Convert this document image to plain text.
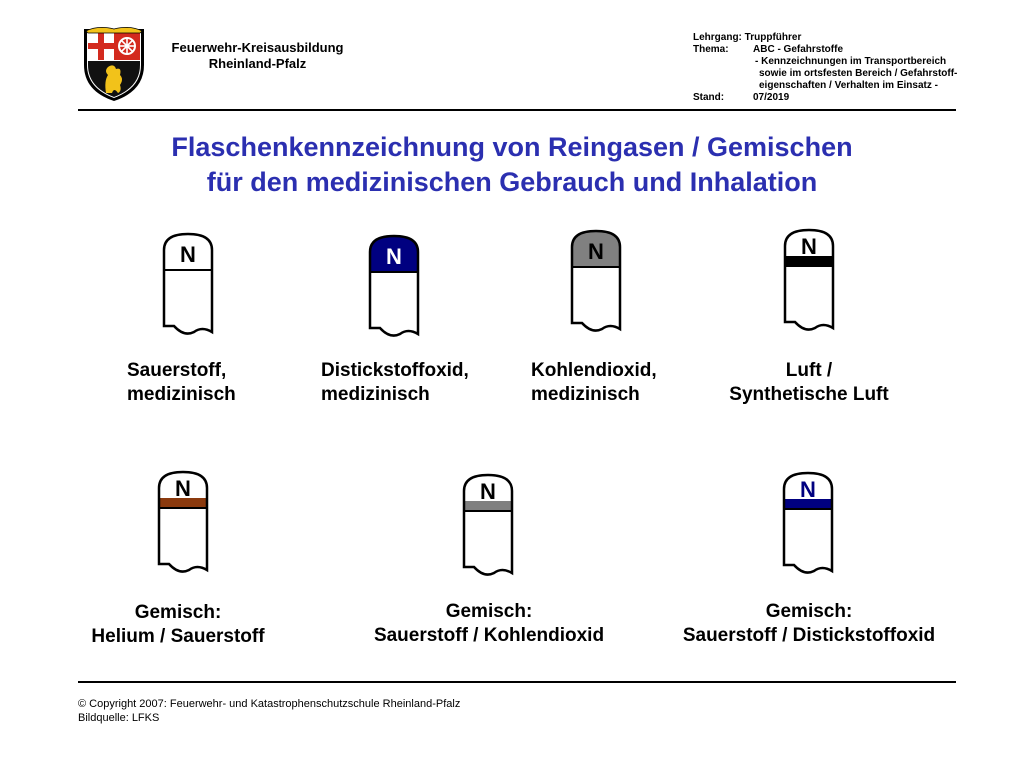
Feuerwehr-Kreisausbildung
Rheinland-Pfalz
Lehrgang:
Truppführer
Thema:	ABC - Gefahrstoffe
- Kennzeichnungen im Transportbereich
sowie im ortsfesten Bereich / Gefahrstoff-
eigenschaften / Verhalten im Einsatz -
Stand:	07/2019
Flaschenkennzeichnung von Reingasen / Gemischen
für den medizinischen Gebrauch und Inhalation
N	N	N	N
N	N	N
Sauerstoff,
medizinisch
Distickstoffoxid,
medizinisch
Kohlendioxid,
medizinisch
Luft /
Synthetische Luft
Gemisch:
Helium / Sauerstoff
Gemisch:
Sauerstoff / Kohlendioxid
Gemisch:
Sauerstoff / Distickstoffoxid
© Copyright 2007: Feuerwehr- und Katastrophenschutzschule Rheinland-Pfalz
Bildquelle: LFKS
